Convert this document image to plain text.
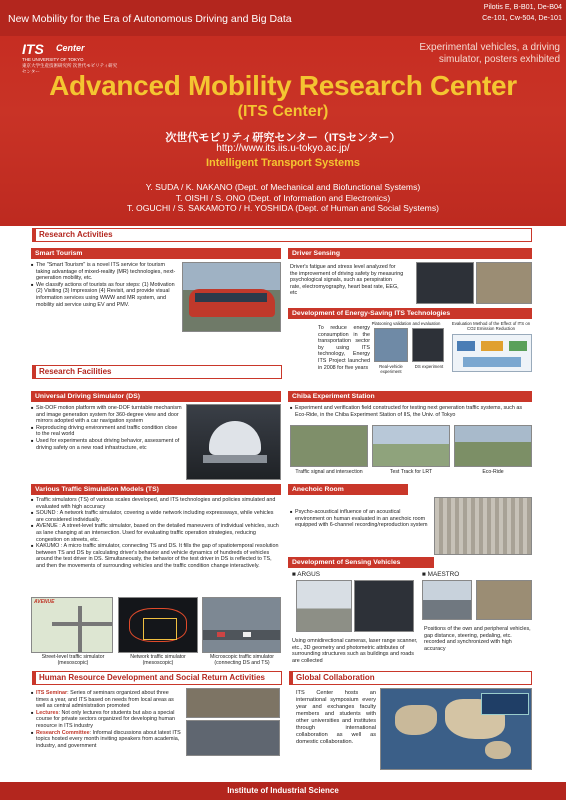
New Mobility for the Era of Autonomous Driving and Big Data
Pilotis E, B-B01, De-B04
Ce-101, Cw-504, De-101
ITS Center
THE UNIVERSITY OF TOKYO
東京大学生産技術研究所 次世代モビリティ研究センター
Experimental vehicles, a driving
simulator, posters exhibited
Advanced Mobility Research Center
(ITS Center)
次世代モビリティ研究センター（ITSセンター）
http://www.its.iis.u-tokyo.ac.jp/
Intelligent Transport Systems
Y. SUDA / K. NAKANO (Dept. of Mechanical and Biofunctional Systems)
T. OISHI / S. ONO (Dept. of Information and Electronics)
T. OGUCHI / S. SAKAMOTO / H. YOSHIDA (Dept. of Human and Social Systems)
Research Activities
Smart Tourism
■ The "Smart Tourism" is a novel ITS service for tourism taking advantage of mixed-reality (MR) technologies, next-generation mobility, etc.
■ We classify actions of tourists as four steps: (1) Motivation (2) Visiting (3) Impression (4) Revisit, and provide visual information services using WWW and MR system, and mobility aid service using EV and PMV.
Driver Sensing
Driver's fatigue and stress level analyzed for the improvement of driving safety by measuring psychological signals, such as perspiration rate, electromyography, heart beat rate, EEG, etc
Development of Energy-Saving ITS Technologies
To reduce energy consumption in the transportation sector by using ITS technology, Energy ITS Project launched in 2008 for five years
Platooning validation and evaluation
Real-vehicle experiment
DS experiment
Evaluation Method of the Effect of ITS on CO2 Emission Reduction
Research Facilities
Universal Driving Simulator (DS)
■ Six-DOF motion platform with one-DOF turntable mechanism and image generation system for 360-degree view and door mirrors adopted with a car navigation system
■ Reproducing driving environment and traffic condition close to the real world
■ Used for experiments about driving behavior, assessment of driving safety on a new road infrastructure, etc
Various Traffic Simulation Models (TS)
■ Traffic simulators (TS) of various scales developed, and ITS technologies and policies simulated and evaluated with high accuracy
■ SOUND : A network traffic simulator, covering a wide network including expressways, while vehicles are considered individually .
■ AVENUE : A street-level traffic simulator, based on the detailed maneuvers of individual vehicles, such as lane changing at an intersection. Used for evaluating traffic operation strategies, reducing congestion on streets, etc.
■ KAKUMO : A micro traffic simulator, connecting TS and DS. It fills the gap of spatiotemporal resolution between TS and DS by calculating driver's behavior and vehicle dynamics of hundreds of vehicles around the test driver in DS. Simultaneously, the behavior of the test driver in DS is reflected to TS, and then the movements of surrounding vehicles and the traffic condition change interactively.
AVENUE
Street-level traffic simulator
(mesoscopic)
Network traffic simulator
(mesoscopic)
Microscopic traffic simulator
(connecting DS and TS)
Chiba Experiment Station
■ Experiment and verification field constructed for testing next generation traffic systems, such as Eco-Ride, in the Chiba Experiment Station of IIS, the Univ. of Tokyo
Traffic signal and intersection	Test Track for LRT	Eco-Ride
Anechoic Room
■ Psycho-acoustical influence of an acoustical environment on human evaluated in an anechoic room equipped with 6-channel recording/reproduction system
Development of Sensing Vehicles
■ ARGUS	■ MAESTRO
Using omnidirectional cameras, laser range scanner, etc., 3D geometry and photometric attributes of surrounding structures such as buildings and roads are collected
Positions of the own and peripheral vehicles, gap distance, steering, pedaling, etc. recorded and synchronized with high accuracy
Human Resource Development and Social Return Activities
■ ITS Seminar: Series of seminars organized about three times a year, and ITS based on needs from local areas as well as central administration promoted
■ Lectures: Not only lectures for students but also a special course for private sectors organized for developing human resource in ITS industry
■ Research Committee: Informal discussions about latest ITS topics hosted every month inviting speakers from academia, industry, and government
Global Collaboration
ITS Center hosts an international symposium every year and exchanges faculty members and students with other universities and institutes through international collaboration as well as domestic collaboration.
Institute of Industrial Science
